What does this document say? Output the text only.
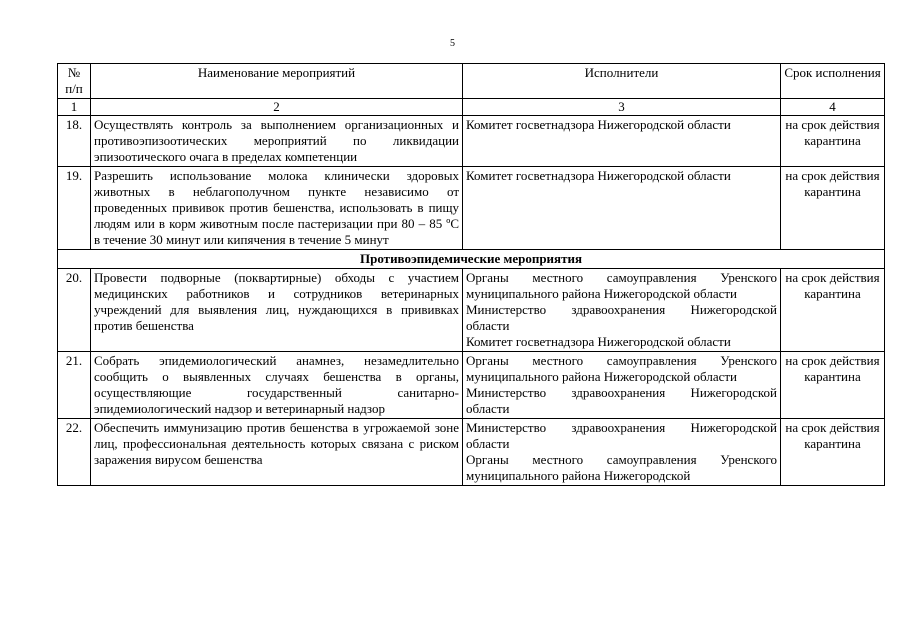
5
№ п/п	Наименование мероприятий	Исполнители	Срок исполнения
1	2	3	4
18.	Осуществлять контроль за выполнением организационных и противоэпизоотических мероприятий по ликвидации эпизоотического очага в пределах компетенции	Комитет госветнадзора Нижегородской области	на срок действия карантина
19.	Разрешить использование молока клинически здоровых животных в неблагополучном пункте независимо от проведенных прививок против бешенства, использовать в пищу людям или в корм животным после пастеризации при 80 – 85 ºС в течение 30 минут или кипячения в течение 5 минут	Комитет госветнадзора Нижегородской области	на срок действия карантина
Противоэпидемические мероприятия			
20.	Провести подворные (поквартирные) обходы с участием медицинских работников и сотрудников ветеринарных учреждений для выявления лиц, нуждающихся в прививках против бешенства	Органы местного самоуправления Уренского муниципального района Нижегородской области
Министерство здравоохранения Нижегородской области
Комитет госветнадзора Нижегородской области	на срок действия карантина
21.	Собрать эпидемиологический анамнез, незамедлительно сообщить о выявленных случаях бешенства в органы, осуществляющие государственный санитарно-эпидемиологический надзор и ветеринарный надзор	Органы местного самоуправления Уренского муниципального района Нижегородской области
Министерство здравоохранения Нижегородской области	на срок действия карантина
22.	Обеспечить иммунизацию против бешенства в угрожаемой зоне лиц, профессиональная деятельность которых связана с риском заражения вирусом бешенства	Министерство здравоохранения Нижегородской области
Органы местного самоуправления Уренского муниципального района Нижегородской	на срок действия карантина
